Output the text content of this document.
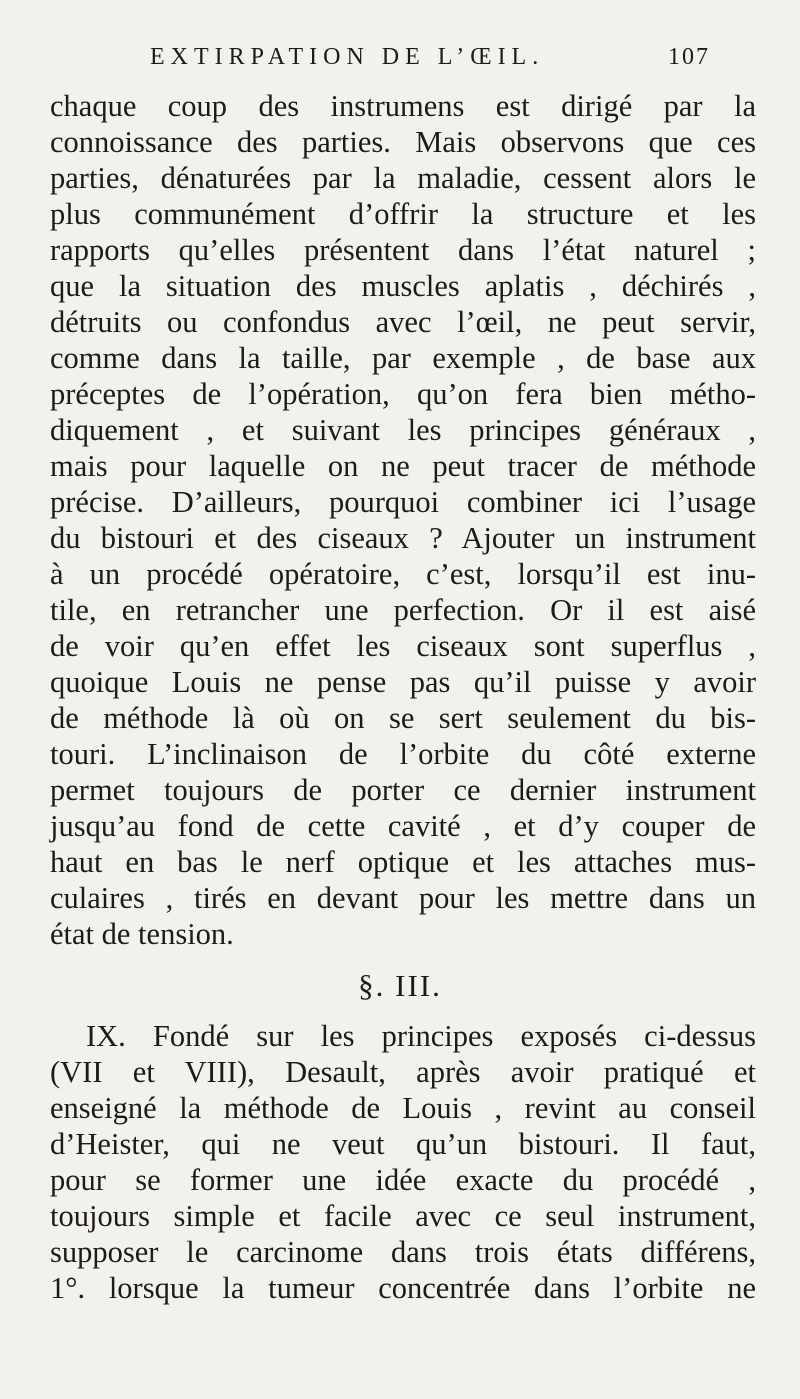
EXTIRPATION DE L’ŒIL.	107
chaque coup des instrumens est dirigé par la
connoissance des parties. Mais observons que ces
parties, dénaturées par la maladie, cessent alors le
plus communément d’offrir la structure et les
rapports qu’elles présentent dans l’état naturel ;
que la situation des muscles aplatis , déchirés ,
détruits ou confondus avec l’œil, ne peut servir,
comme dans la taille, par exemple , de base aux
préceptes de l’opération, qu’on fera bien métho-
diquement , et suivant les principes généraux ,
mais pour laquelle on ne peut tracer de méthode
précise. D’ailleurs, pourquoi combiner ici l’usage
du bistouri et des ciseaux ? Ajouter un instrument
à un procédé opératoire, c’est, lorsqu’il est inu-
tile, en retrancher une perfection. Or il est aisé
de voir qu’en effet les ciseaux sont superflus ,
quoique Louis ne pense pas qu’il puisse y avoir
de méthode là où on se sert seulement du bis-
touri. L’inclinaison de l’orbite du côté externe
permet toujours de porter ce dernier instrument
jusqu’au fond de cette cavité , et d’y couper de
haut en bas le nerf optique et les attaches mus-
culaires , tirés en devant pour les mettre dans un
état de tension.
§. III.
IX. Fondé sur les principes exposés ci-dessus
(VII et VIII), Desault, après avoir pratiqué et
enseigné la méthode de Louis , revint au conseil
d’Heister, qui ne veut qu’un bistouri. Il faut,
pour se former une idée exacte du procédé ,
toujours simple et facile avec ce seul instrument,
supposer le carcinome dans trois états différens,
1°. lorsque la tumeur concentrée dans l’orbite ne
